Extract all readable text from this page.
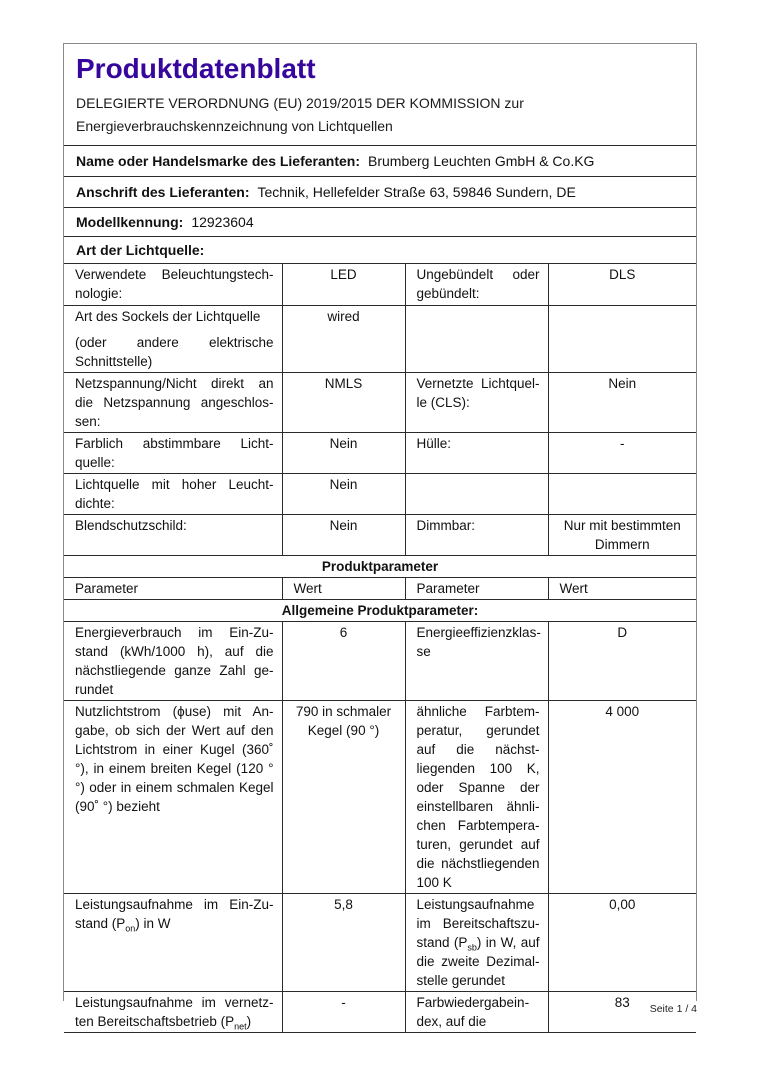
Produktdatenblatt
DELEGIERTE VERORDNUNG (EU) 2019/2015 DER KOMMISSION zur
Energieverbrauchskennzeichnung von Lichtquellen
Name oder Handelsmarke des Lieferanten: Brumberg Leuchten GmbH & Co.KG
Anschrift des Lieferanten: Technik, Hellefelder Straße 63, 59846 Sundern, DE
Modellkennung: 12923604
Art der Lichtquelle:
Verwendete Beleuchtungstechnologie:	LED	Ungebündelt oder gebündelt:	DLS

Art des Sockels der Lichtquelle
(oder andere elektrische Schnittstelle)	wired		
Netzspannung/Nicht direkt an die Netzspannung angeschlossen:	NMLS	Vernetzte Lichtquelle (CLS):	Nein
Farblich abstimmbare Lichtquelle:	Nein	Hülle:	-
Lichtquelle mit hoher Leuchtdichte:	Nein		
Blendschutzschild:	Nein	Dimmbar:	Nur mit bestimmten Dimmern
Produktparameter			
Parameter	Wert	Parameter	Wert
Allgemeine Produktparameter:			
Energieverbrauch im Ein-Zustand (kWh/1000 h), auf die nächstliegende ganze Zahl gerundet	6	Energieeffizienzklasse	D
Nutzlichtstrom (ϕuse) mit Angabe, ob sich der Wert auf den Lichtstrom in einer Kugel (360˚ °), in einem breiten Kegel (120 °°) oder in einem schmalen Kegel (90˚ °) bezieht	790 in schmaler Kegel (90 °)	ähnliche Farbtemperatur, gerundet auf die nächstliegenden 100 K, oder Spanne der einstellbaren ähnlichen Farbtemperaturen, gerundet auf die nächstliegenden 100 K	4 000
Leistungsaufnahme im Ein-Zustand $(P_{on})$ in W	5,8	Leistungsaufnahme im Bereitschaftszustand $(P_{sb})$ in W, auf die zweite Dezimalstelle gerundet	0,00
Leistungsaufnahme im vernetzten Bereitschaftsbetrieb $(P_{net})$	-	Farbwiedergabeindex, auf die	83 Seite 1 / 4
